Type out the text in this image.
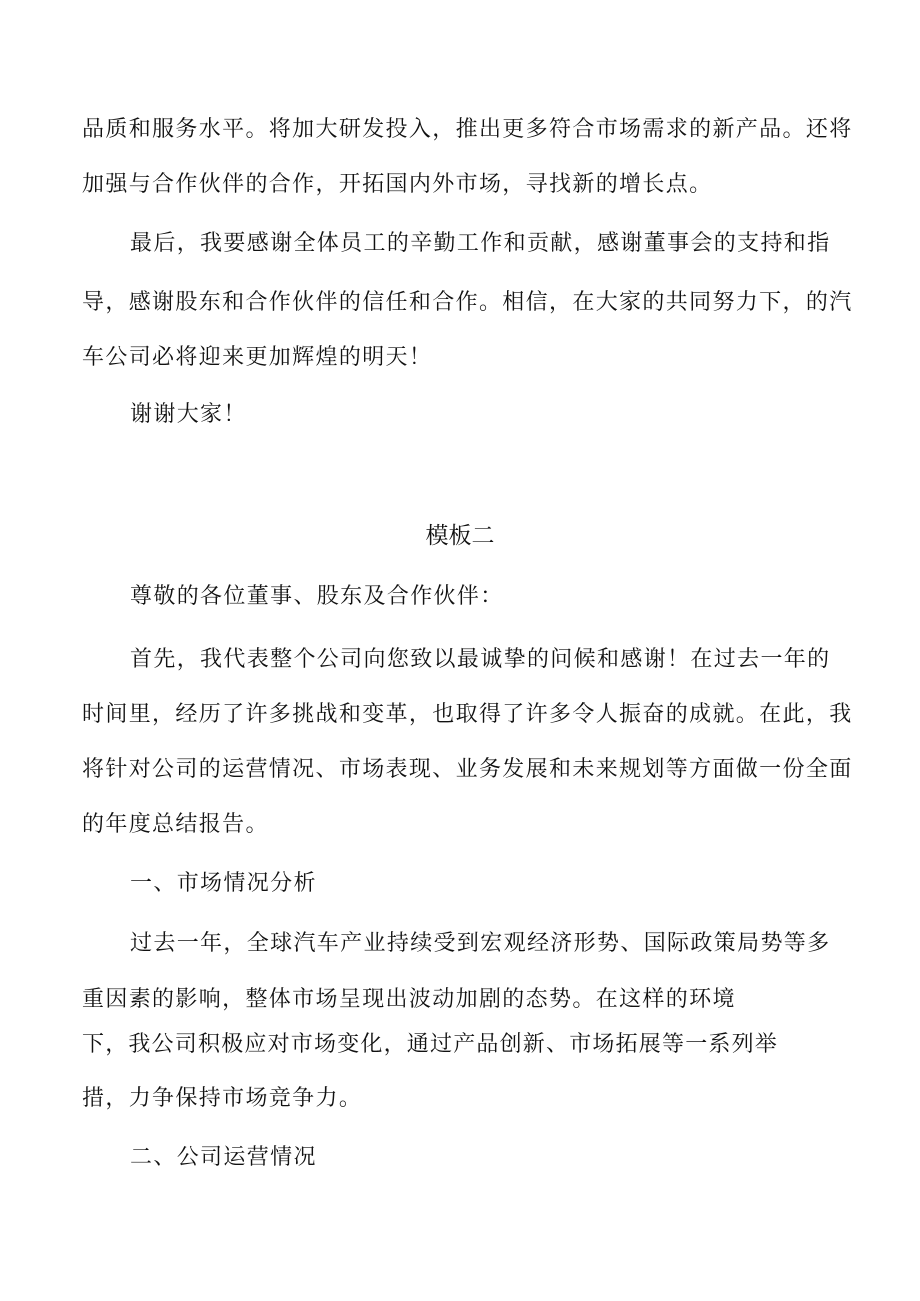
品质和服务水平。将加大研发投入，推出更多符合市场需求的新产品。还将
加强与合作伙伴的合作，开拓国内外市场，寻找新的增长点。
最后，我要感谢全体员工的辛勤工作和贡献，感谢董事会的支持和指
导，感谢股东和合作伙伴的信任和合作。相信，在大家的共同努力下，的汽
车公司必将迎来更加辉煌的明天！
谢谢大家！
模板二
尊敬的各位董事、股东及合作伙伴：
首先，我代表整个公司向您致以最诚挚的问候和感谢！在过去一年的
时间里，经历了许多挑战和变革，也取得了许多令人振奋的成就。在此，我
将针对公司的运营情况、市场表现、业务发展和未来规划等方面做一份全面
的年度总结报告。
一、市场情况分析
过去一年，全球汽车产业持续受到宏观经济形势、国际政策局势等多
重因素的影响，整体市场呈现出波动加剧的态势。在这样的环境
下，我公司积极应对市场变化，通过产品创新、市场拓展等一系列举
措，力争保持市场竞争力。
二、公司运营情况
